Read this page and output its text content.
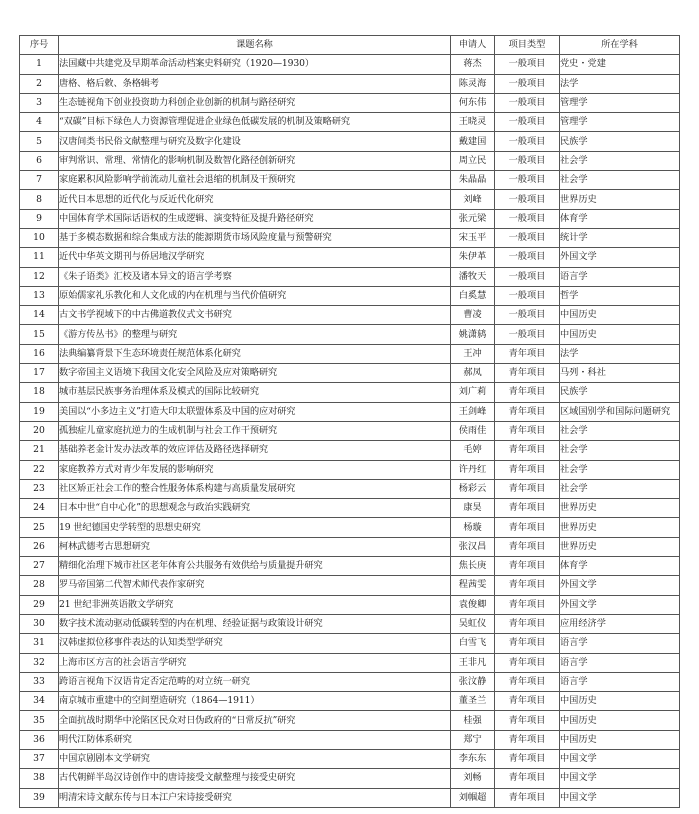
序号	课题名称	申请人	项目类型	所在学科
1	法国藏中共建党及早期革命活动档案史料研究（1920—1930）	蒋杰	一般项目	党史・党建
2	唐格、格后敕、条格辑考	陈灵海	一般项目	法学
3	生态链视角下创业投资助力科创企业创新的机制与路径研究	何东伟	一般项目	管理学
4	“双碳”目标下绿色人力资源管理促进企业绿色低碳发展的机制及策略研究	王晓灵	一般项目	管理学
5	汉唐间类书民俗文献整理与研究及数字化建设	戴建国	一般项目	民族学
6	审判常识、常理、常情化的影响机制及数智化路径创新研究	周立民	一般项目	社会学
7	家庭累积风险影响学前流动儿童社会退缩的机制及干预研究	朱晶晶	一般项目	社会学
8	近代日本思想的近代化与反近代化研究	刘峰	一般项目	世界历史
9	中国体育学术国际话语权的生成逻辑、演变特征及提升路径研究	张元梁	一般项目	体育学
10	基于多模态数据和综合集成方法的能源期货市场风险度量与预警研究	宋玉平	一般项目	统计学
11	近代中华英文期刊与侨居地汉学研究	朱伊革	一般项目	外国文学
12	《朱子语类》汇校及诸本异文的语言学考察	潘牧天	一般项目	语言学
13	原始儒家礼乐教化和人文化成的内在机理与当代价值研究	白奚慧	一般项目	哲学
14	古文书学视域下的中古佛道教仪式文书研究	曹凌	一般项目	中国历史
15	《游方传丛书》的整理与研究	姚潇鸫	一般项目	中国历史
16	法典编纂背景下生态环境责任规范体系化研究	王冲	青年项目	法学
17	数字帝国主义语境下我国文化安全风险及应对策略研究	郝凤	青年项目	马列・科社
18	城市基层民族事务治理体系及模式的国际比较研究	刘广莉	青年项目	民族学
19	美国以“小多边主义”打造大印太联盟体系及中国的应对研究	王剑峰	青年项目	区域国别学和国际问题研究
20	孤独症儿童家庭抗逆力的生成机制与社会工作干预研究	侯雨佳	青年项目	社会学
21	基础养老金计发办法改革的效应评估及路径选择研究	毛婷	青年项目	社会学
22	家庭教养方式对青少年发展的影响研究	许丹红	青年项目	社会学
23	社区矫正社会工作的整合性服务体系构建与高质量发展研究	杨彩云	青年项目	社会学
24	日本中世“自中心化”的思想观念与政治实践研究	康昊	青年项目	世界历史
25	19 世纪德国史学转型的思想史研究	杨璇	青年项目	世界历史
26	柯林武德考古思想研究	张汉昌	青年项目	世界历史
27	精细化治理下城市社区老年体育公共服务有效供给与质量提升研究	焦长庚	青年项目	体育学
28	罗马帝国第二代智术师代表作家研究	程茜雯	青年项目	外国文学
29	21 世纪非洲英语散文学研究	袁俊卿	青年项目	外国文学
30	数字技术流动驱动低碳转型的内在机理、经验证据与政策设计研究	吴虹仪	青年项目	应用经济学
31	汉韩虚拟位移事件表达的认知类型学研究	白雪飞	青年项目	语言学
32	上海市区方言的社会语言学研究	王非凡	青年项目	语言学
33	跨语言视角下汉语肯定否定范畴的对立统一研究	张汶静	青年项目	语言学
34	南京城市重建中的空间塑造研究（1864—1911）	董圣兰	青年项目	中国历史
35	全面抗战时期华中沦陷区民众对日伪政府的“日常反抗”研究	桂强	青年项目	中国历史
36	明代江防体系研究	郑宁	青年项目	中国历史
37	中国京剧剧本文学研究	李东东	青年项目	中国文学
38	古代朝鲜半岛汉诗创作中的唐诗接受文献整理与接受史研究	刘畅	青年项目	中国文学
39	明清宋诗文献东传与日本江户宋诗接受研究	刘帼超	青年项目	中国文学
